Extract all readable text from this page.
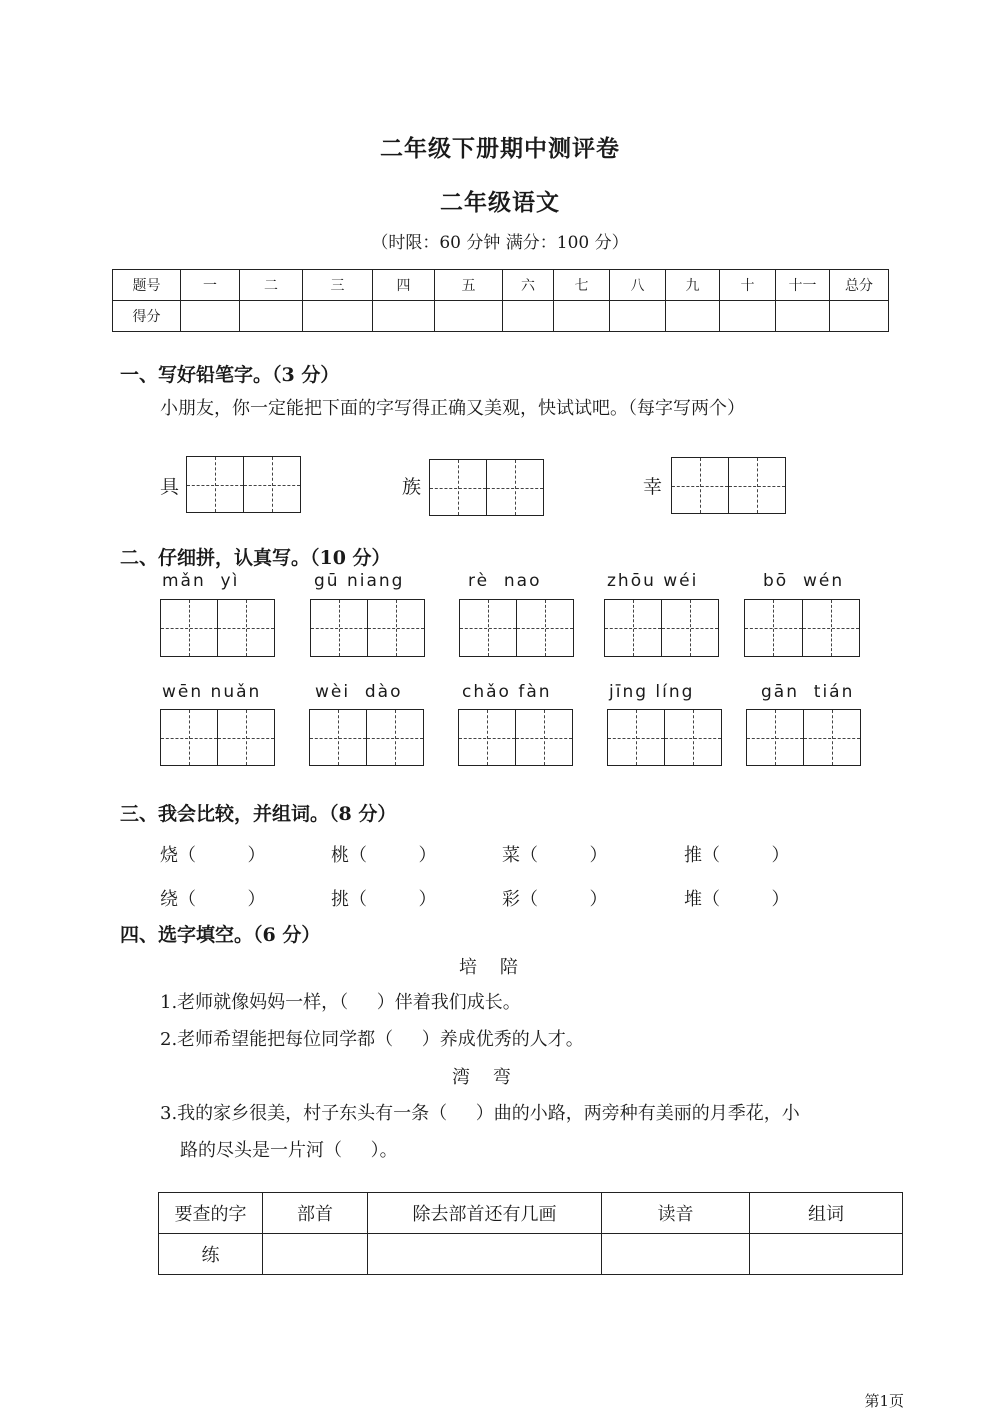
二年级下册期中测评卷
二年级语文
（时限：60 分钟 满分：100 分）
题号	一	二	三	四	五	六	七	八	九	十	十一	总分
得分												
一、写好铅笔字。（3 分）
小朋友，你一定能把下面的字写得正确又美观，快试试吧。（每字写两个）
具	族	幸
二、仔细拼，认真写。（10 分）
mǎn  yì	gū niang	rè  nao	zhōu wéi	bō  wén
wēn nuǎn	wèi  dào	chǎo fàn	jīng líng	gān  tián
三、我会比较，并组词。（8 分）
烧（         ）	桃（         ）	菜（         ）	推（         ）
绕（         ）	挑（         ）	彩（         ）	堆（         ）
四、选字填空。（6 分）
培    陪
1.老师就像妈妈一样，（     ）伴着我们成长。
2.老师希望能把每位同学都（     ）养成优秀的人才。
湾    弯
3.我的家乡很美，村子东头有一条（     ）曲的小路，两旁种有美丽的月季花，小
路的尽头是一片河（     ）。
要查的字	部首	除去部首还有几画	读音	组词
练				
第1页
